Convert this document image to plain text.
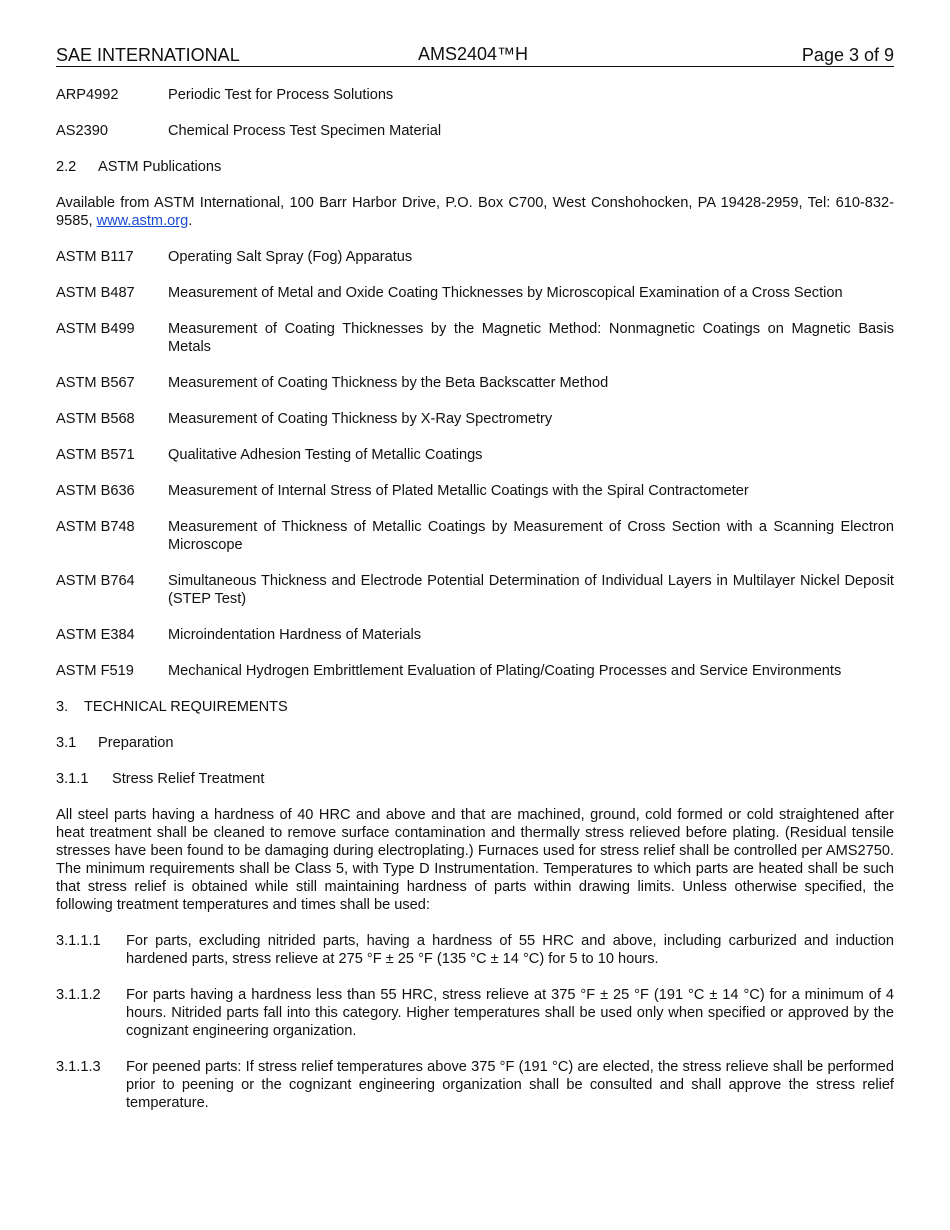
SAE INTERNATIONAL	AMS2404™H	Page 3 of 9
ARP4992	Periodic Test for Process Solutions
AS2390	Chemical Process Test Specimen Material
2.2	ASTM Publications
Available from ASTM International, 100 Barr Harbor Drive, P.O. Box C700, West Conshohocken, PA 19428-2959, Tel: 610-832-9585, www.astm.org.
ASTM B117	Operating Salt Spray (Fog) Apparatus
ASTM B487	Measurement of Metal and Oxide Coating Thicknesses by Microscopical Examination of a Cross Section
ASTM B499	Measurement of Coating Thicknesses by the Magnetic Method: Nonmagnetic Coatings on Magnetic Basis Metals
ASTM B567	Measurement of Coating Thickness by the Beta Backscatter Method
ASTM B568	Measurement of Coating Thickness by X-Ray Spectrometry
ASTM B571	Qualitative Adhesion Testing of Metallic Coatings
ASTM B636	Measurement of Internal Stress of Plated Metallic Coatings with the Spiral Contractometer
ASTM B748	Measurement of Thickness of Metallic Coatings by Measurement of Cross Section with a Scanning Electron Microscope
ASTM B764	Simultaneous Thickness and Electrode Potential Determination of Individual Layers in Multilayer Nickel Deposit (STEP Test)
ASTM E384	Microindentation Hardness of Materials
ASTM F519	Mechanical Hydrogen Embrittlement Evaluation of Plating/Coating Processes and Service Environments
3.	TECHNICAL REQUIREMENTS
3.1	Preparation
3.1.1	Stress Relief Treatment
All steel parts having a hardness of 40 HRC and above and that are machined, ground, cold formed or cold straightened after heat treatment shall be cleaned to remove surface contamination and thermally stress relieved before plating. (Residual tensile stresses have been found to be damaging during electroplating.) Furnaces used for stress relief shall be controlled per AMS2750. The minimum requirements shall be Class 5, with Type D Instrumentation. Temperatures to which parts are heated shall be such that stress relief is obtained while still maintaining hardness of parts within drawing limits. Unless otherwise specified, the following treatment temperatures and times shall be used:
3.1.1.1	For parts, excluding nitrided parts, having a hardness of 55 HRC and above, including carburized and induction hardened parts, stress relieve at 275 °F ± 25 °F (135 °C ± 14 °C) for 5 to 10 hours.
3.1.1.2	For parts having a hardness less than 55 HRC, stress relieve at 375 °F ± 25 °F (191 °C ± 14 °C) for a minimum of 4 hours. Nitrided parts fall into this category. Higher temperatures shall be used only when specified or approved by the cognizant engineering organization.
3.1.1.3	For peened parts: If stress relief temperatures above 375 °F (191 °C) are elected, the stress relieve shall be performed prior to peening or the cognizant engineering organization shall be consulted and shall approve the stress relief temperature.
